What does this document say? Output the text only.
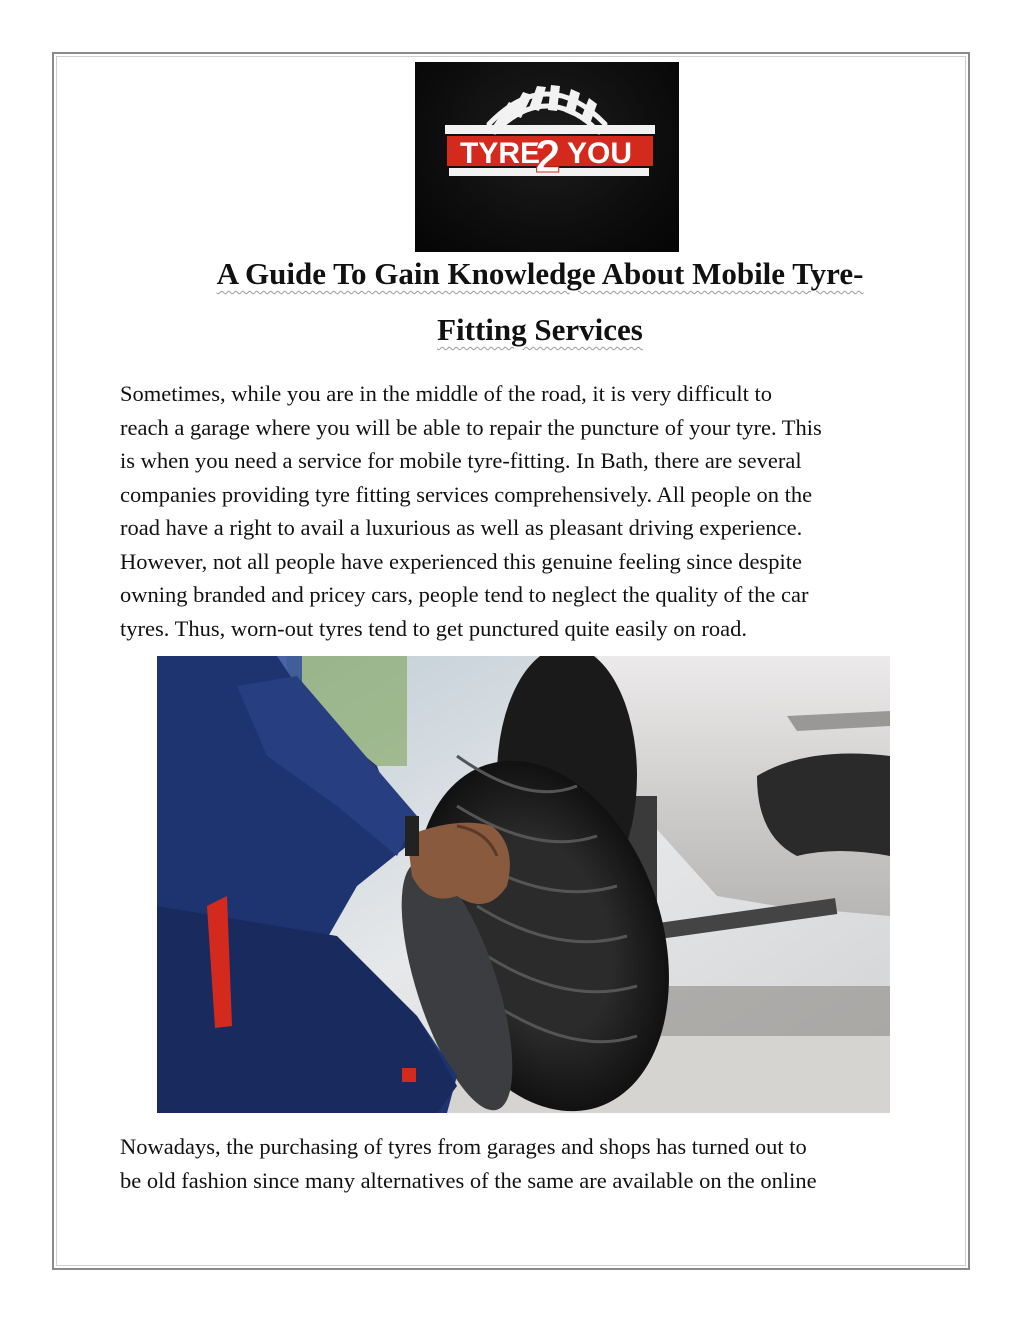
TYRE
2 YOU
A Guide To Gain Knowledge About Mobile Tyre-
Fitting Services
Sometimes, while you are in the middle of the road, it is very difficult to
reach a garage where you will be able to repair the puncture of your tyre. This
is when you need a service for mobile tyre-fitting. In Bath, there are several
companies providing tyre fitting services comprehensively. All people on the
road have a right to avail a luxurious as well as pleasant driving experience.
However, not all people have experienced this genuine feeling since despite
owning branded and pricey cars, people tend to neglect the quality of the car
tyres. Thus, worn-out tyres tend to get punctured quite easily on road.
Nowadays, the purchasing of tyres from garages and shops has turned out to
be old fashion since many alternatives of the same are available on the online
